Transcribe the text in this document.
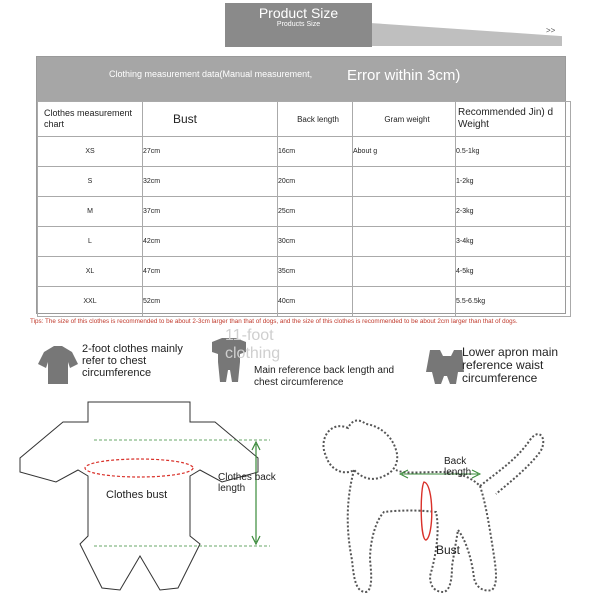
Product Size
Products Size
>>
Clothing measurement data(Manual measurement, Error within 3cm)
Clothes measurement chart	Bust	Back length	Gram weight	Recommended Jin) d Weight

XS	27cm	16cm	About g	0.5-1kg
S	32cm	20cm		1-2kg
M	37cm	25cm		2-3kg
L	42cm	30cm		3-4kg
XL	47cm	35cm		4-5kg
XXL	52cm	40cm		5.5-6.5kg
Tips: The size of this clothes is recommended to be about 2-3cm larger than that of dogs, and the size of this clothes is recommended to be about 2cm larger than that of dogs.
2-foot clothes mainly refer to chest circumference
11-foot clothing
Main reference back length and chest circumference
Lower apron main reference waist circumference
Clothes bust
Clothes back length
Back length
Bust
